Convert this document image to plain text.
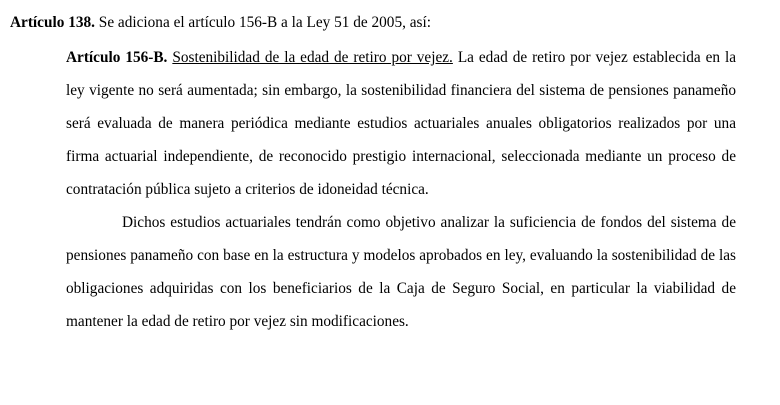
Artículo 138. Se adiciona el artículo 156-B a la Ley 51 de 2005, así:

Artículo 156-B. Sostenibilidad de la edad de retiro por vejez. La edad de retiro por vejez establecida en la ley vigente no será aumentada; sin embargo, la sostenibilidad financiera del sistema de pensiones panameño será evaluada de manera periódica mediante estudios actuariales anuales obligatorios realizados por una firma actuarial independiente, de reconocido prestigio internacional, seleccionada mediante un proceso de contratación pública sujeto a criterios de idoneidad técnica.

Dichos estudios actuariales tendrán como objetivo analizar la suficiencia de fondos del sistema de pensiones panameño con base en la estructura y modelos aprobados en ley, evaluando la sostenibilidad de las obligaciones adquiridas con los beneficiarios de la Caja de Seguro Social, en particular la viabilidad de mantener la edad de retiro por vejez sin modificaciones.
